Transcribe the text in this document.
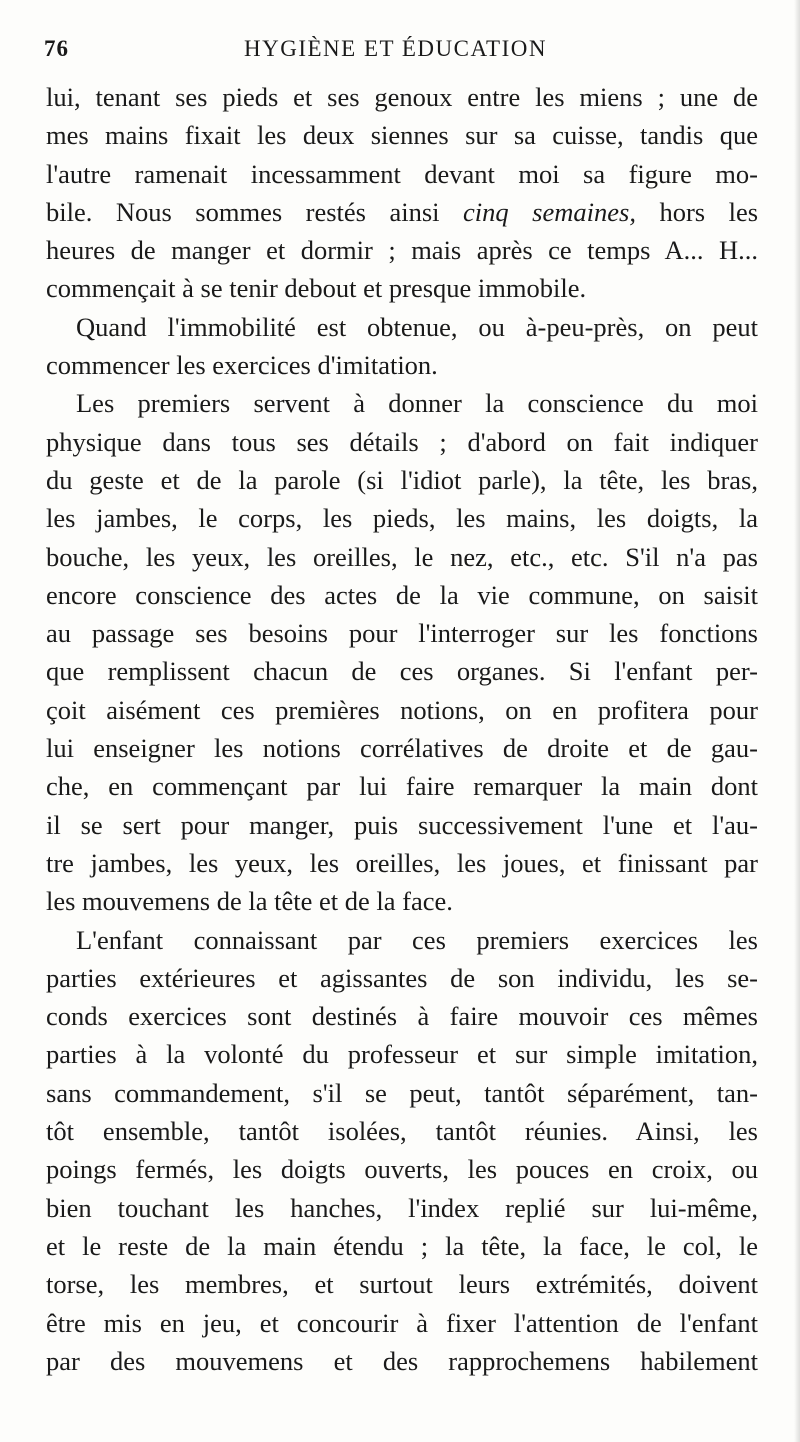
76	HYGIÈNE ET ÉDUCATION
lui, tenant ses pieds et ses genoux entre les miens ; une de
mes mains fixait les deux siennes sur sa cuisse, tandis que
l'autre ramenait incessamment devant moi sa figure mo-
bile. Nous sommes restés ainsi cinq semaines, hors les
heures de manger et dormir ; mais après ce temps A... H...
commençait à se tenir debout et presque immobile.
Quand l'immobilité est obtenue, ou à-peu-près, on peut
commencer les exercices d'imitation.
Les premiers servent à donner la conscience du moi
physique dans tous ses détails ; d'abord on fait indiquer
du geste et de la parole (si l'idiot parle), la tête, les bras,
les jambes, le corps, les pieds, les mains, les doigts, la
bouche, les yeux, les oreilles, le nez, etc., etc. S'il n'a pas
encore conscience des actes de la vie commune, on saisit
au passage ses besoins pour l'interroger sur les fonctions
que remplissent chacun de ces organes. Si l'enfant per-
çoit aisément ces premières notions, on en profitera pour
lui enseigner les notions corrélatives de droite et de gau-
che, en commençant par lui faire remarquer la main dont
il se sert pour manger, puis successivement l'une et l'au-
tre jambes, les yeux, les oreilles, les joues, et finissant par
les mouvemens de la tête et de la face.
L'enfant connaissant par ces premiers exercices les
parties extérieures et agissantes de son individu, les se-
conds exercices sont destinés à faire mouvoir ces mêmes
parties à la volonté du professeur et sur simple imitation,
sans commandement, s'il se peut, tantôt séparément, tan-
tôt ensemble, tantôt isolées, tantôt réunies. Ainsi, les
poings fermés, les doigts ouverts, les pouces en croix, ou
bien touchant les hanches, l'index replié sur lui-même,
et le reste de la main étendu ; la tête, la face, le col, le
torse, les membres, et surtout leurs extrémités, doivent
être mis en jeu, et concourir à fixer l'attention de l'enfant
par des mouvemens et des rapprochemens habilement
